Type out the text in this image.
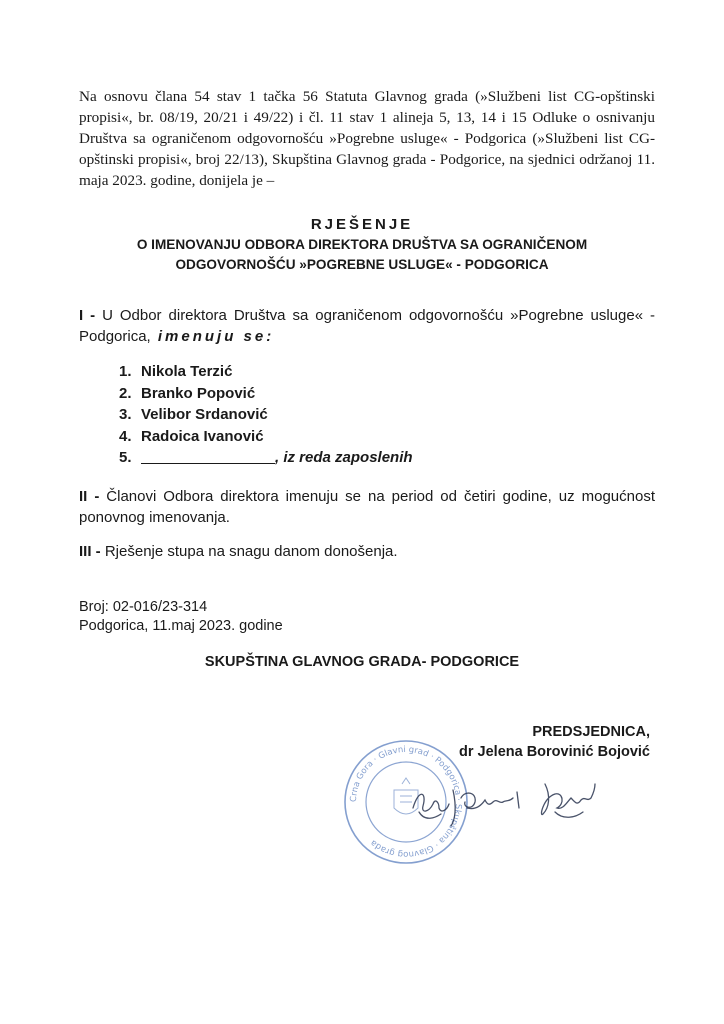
Na osnovu člana 54 stav 1 tačka 56 Statuta Glavnog grada (»Službeni list CG-opštinski propisi«, br. 08/19, 20/21 i 49/22) i čl. 11 stav 1 alineja 5, 13, 14 i 15 Odluke o osnivanju Društva sa ograničenom odgovornošću »Pogrebne usluge« - Podgorica (»Službeni list CG-opštinski propisi«, broj 22/13), Skupština Glavnog grada - Podgorice, na sjednici održanoj 11. maja 2023. godine, donijela je –
RJEŠENJE
O IMENOVANJU ODBORA DIREKTORA DRUŠTVA SA OGRANIČENOM
ODGOVORNOŠĆU »POGREBNE USLUGE« - PODGORICA
I - U Odbor direktora Društva sa ograničenom odgovornošću »Pogrebne usluge« - Podgorica, imenuju se:
1. Nikola Terzić
2. Branko Popović
3. Velibor Srdanović
4. Radoica Ivanović
5.	, iz reda zaposlenih
II - Članovi Odbora direktora imenuju se na period od četiri godine, uz mogućnost ponovnog imenovanja.
III - Rješenje stupa na snagu danom donošenja.
Broj: 02-016/23-314
Podgorica, 11.maj 2023. godine
SKUPŠTINA GLAVNOG GRADA- PODGORICE
PREDSJEDNICA,
dr Jelena Borovinić Bojović
Crna Gora · Glavni grad · Podgorica · Skupština · Glavnog grada
